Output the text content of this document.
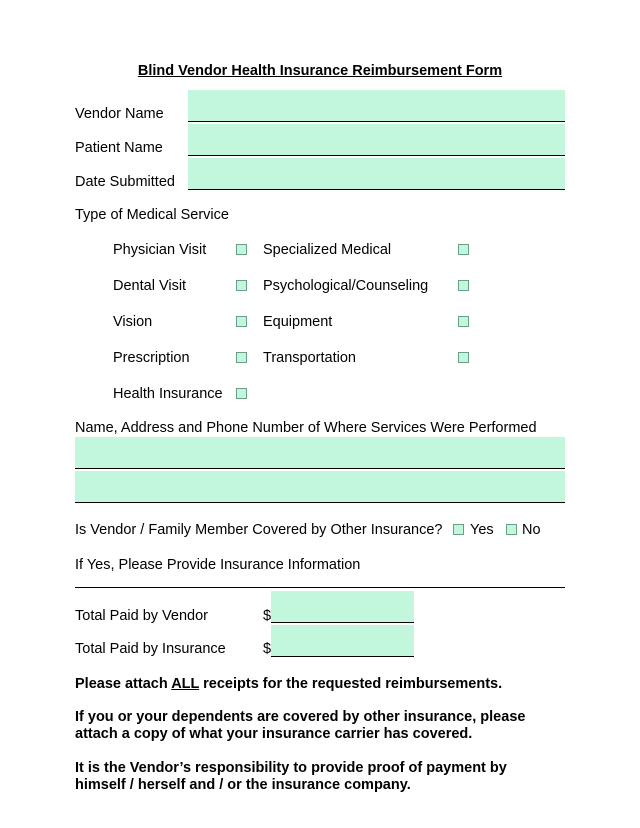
Blind Vendor Health Insurance Reimbursement Form
Vendor Name
Patient Name
Date Submitted
Type of Medical Service
Physician Visit	Specialized Medical
Dental Visit	Psychological/Counseling
Vision	Equipment
Prescription	Transportation
Health Insurance
Name, Address and Phone Number of Where Services Were Performed
Is Vendor / Family Member Covered by Other Insurance? Yes No
If Yes, Please Provide Insurance Information
Total Paid by Vendor	$
Total Paid by Insurance	$
Please attach ALL receipts for the requested reimbursements.
If you or your dependents are covered by other insurance, please
attach a copy of what your insurance carrier has covered.
It is the Vendor’s responsibility to provide proof of payment by
himself / herself and / or the insurance company.
